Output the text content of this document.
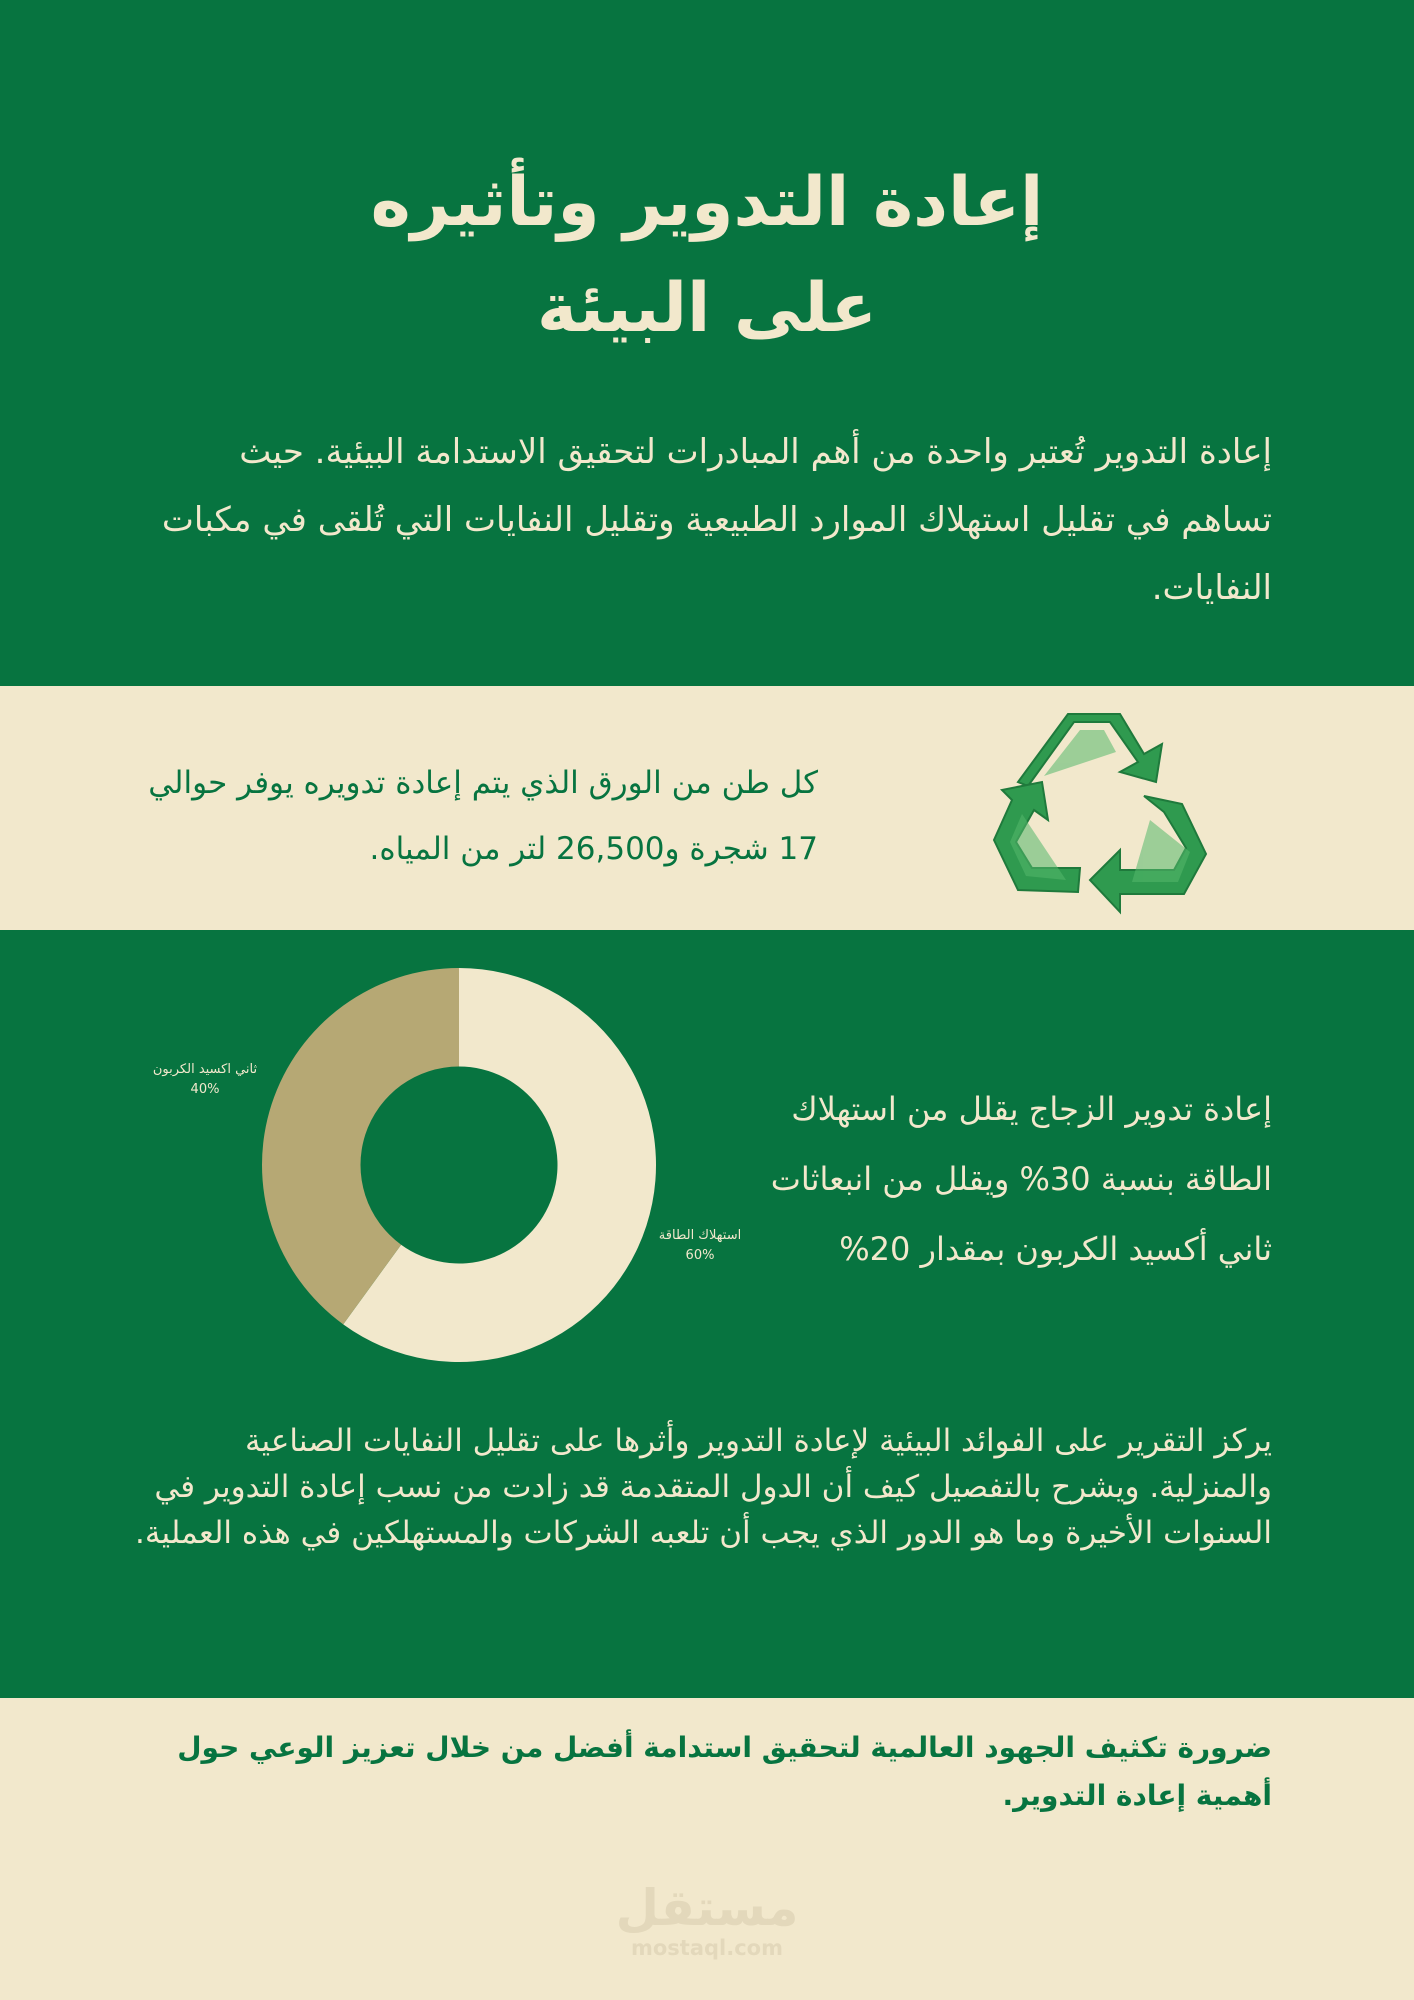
إعادة التدوير وتأثيره
على البيئة

إعادة التدوير تُعتبر واحدة من أهم المبادرات لتحقيق الاستدامة البيئية. حيث تساهم في تقليل استهلاك الموارد الطبيعية وتقليل النفايات التي تُلقى في مكبات النفايات.

كل طن من الورق الذي يتم إعادة تدويره يوفر حوالي 17 شجرة و26,500 لتر من المياه.

ثاني اكسيد الكربون
40%

استهلاك الطاقة
60%

إعادة تدوير الزجاج يقلل من استهلاك الطاقة بنسبة 30% ويقلل من انبعاثات ثاني أكسيد الكربون بمقدار 20%

يركز التقرير على الفوائد البيئية لإعادة التدوير وأثرها على تقليل النفايات الصناعية والمنزلية. ويشرح بالتفصيل كيف أن الدول المتقدمة قد زادت من نسب إعادة التدوير في السنوات الأخيرة وما هو الدور الذي يجب أن تلعبه الشركات والمستهلكين في هذه العملية.

ضرورة تكثيف الجهود العالمية لتحقيق استدامة أفضل من خلال تعزيز الوعي حول أهمية إعادة التدوير.

مستقل
mostaql.com
